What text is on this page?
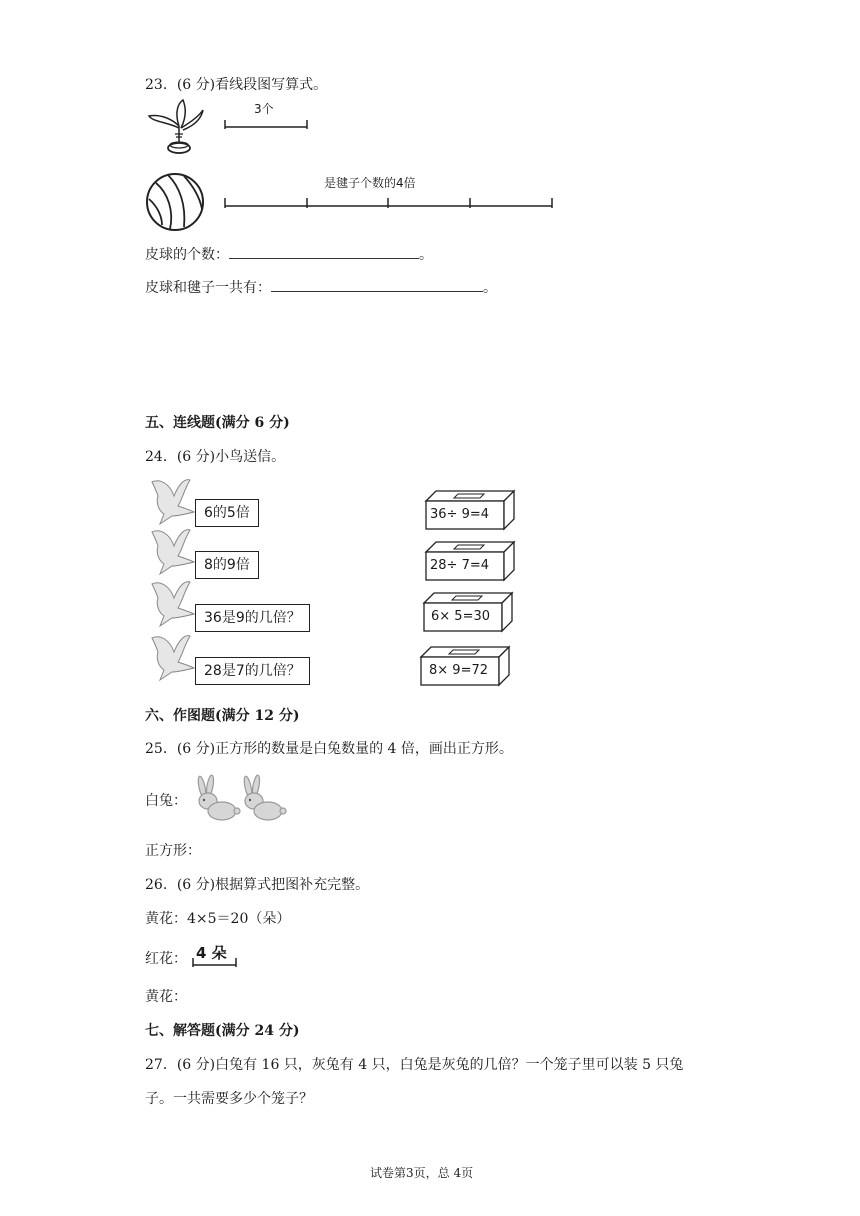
23．(6 分)看线段图写算式。
3个
是毽子个数的4倍
皮球的个数：	。
皮球和毽子一共有：	。
五、连线题(满分 6 分)
24．(6 分)小鸟送信。
6的5倍
8的9倍
36是9的几倍？
28是7的几倍？
36÷ 9=4
28÷ 7=4
6× 5=30
8× 9=72
六、作图题(满分 12 分)
25．(6 分)正方形的数量是白兔数量的 4 倍，画出正方形。
白兔：
正方形：
26．(6 分)根据算式把图补充完整。
黄花：4×5＝20（朵）
红花： 4 朵
黄花：
七、解答题(满分 24 分)
27．(6 分)白兔有 16 只，灰兔有 4 只，白兔是灰兔的几倍？一个笼子里可以装 5 只兔
子。一共需要多少个笼子？
试卷第3页，总 4页
